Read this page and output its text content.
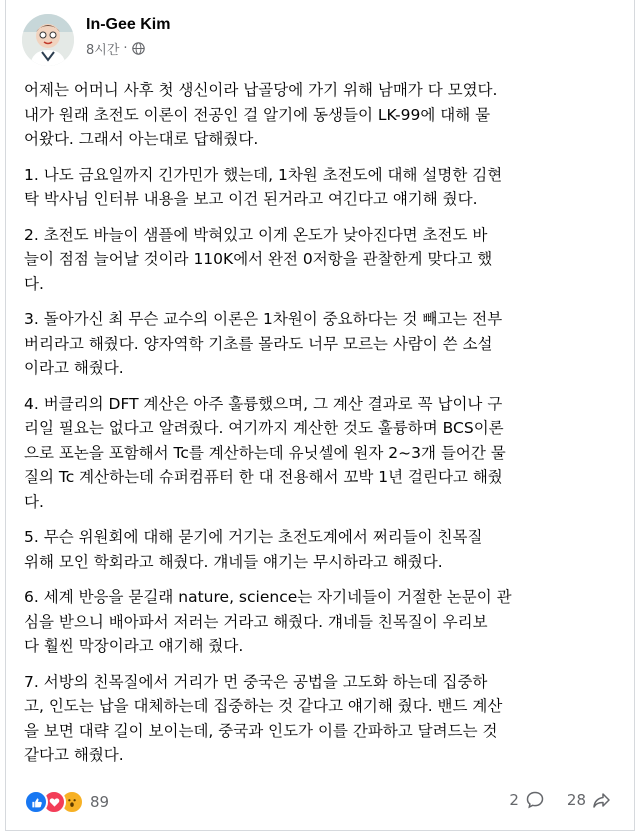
In-Gee Kim
8시간 ·
어제는 어머니 사후 첫 생신이라 납골당에 가기 위해 남매가 다 모였다.
내가 원래 초전도 이론이 전공인 걸 알기에 동생들이 LK-99에 대해 물
어왔다. 그래서 아는대로 답해줬다.
1. 나도 금요일까지 긴가민가 했는데, 1차원 초전도에 대해 설명한 김현
탁 박사님 인터뷰 내용을 보고 이건 된거라고 여긴다고 얘기해 줬다.
2. 초전도 바늘이 샘플에 박혀있고 이게 온도가 낮아진다면 초전도 바
늘이 점점 늘어날 것이라 110K에서 완전 0저항을 관찰한게 맞다고 했
다.
3. 돌아가신 최 무슨 교수의 이론은 1차원이 중요하다는 것 빼고는 전부
버리라고 해줬다. 양자역학 기초를 몰라도 너무 모르는 사람이 쓴 소설
이라고 해줬다.
4. 버클리의 DFT 계산은 아주 훌륭했으며, 그 계산 결과로 꼭 납이나 구
리일 필요는 없다고 알려줬다. 여기까지 계산한 것도 훌륭하며 BCS이론
으로 포논을 포함해서 Tc를 계산하는데 유닛셀에 원자 2~3개 들어간 물
질의 Tc 계산하는데 슈퍼컴퓨터 한 대 전용해서 꼬박 1년 걸린다고 해줬
다.
5. 무슨 위원회에 대해 묻기에 거기는 초전도계에서 쩌리들이 친목질
위해 모인 학회라고 해줬다. 걔네들 얘기는 무시하라고 해줬다.
6. 세계 반응을 묻길래 nature, science는 자기네들이 거절한 논문이 관
심을 받으니 배아파서 저러는 거라고 해줬다. 걔네들 친목질이 우리보
다 훨씬 막장이라고 얘기해 줬다.
7. 서방의 친목질에서 거리가 먼 중국은 공법을 고도화 하는데 집중하
고, 인도는 납을 대체하는데 집중하는 것 같다고 얘기해 줬다. 밴드 계산
을 보면 대략 길이 보이는데, 중국과 인도가 이를 간파하고 달려드는 것
같다고 해줬다.
89	2	28
